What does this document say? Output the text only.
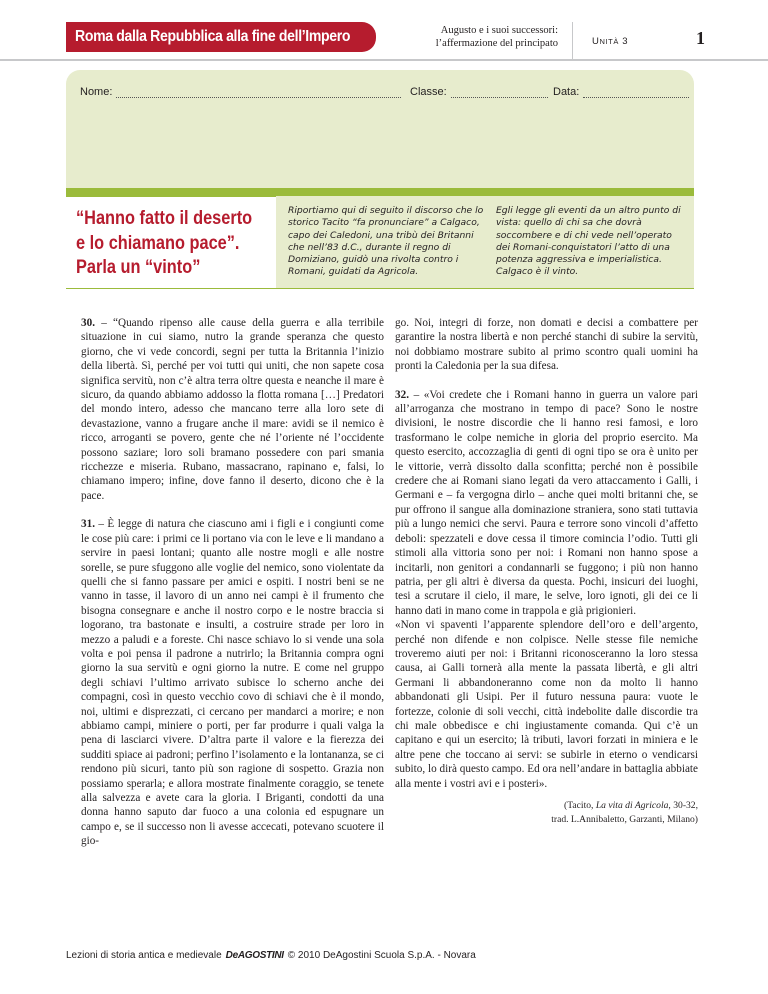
Roma dalla Repubblica alla fine dell’Impero	Augusto e i suoi successori:
l’affermazione del principato	UNITÀ 3	1
Nome:	Classe:	Data:
“Hanno fatto il deserto
e lo chiamano pace”.
Parla un “vinto”
Riportiamo qui di seguito il discorso che lo storico Tacito “fa pronunciare” a Calgaco, capo dei Caledoni, una tribù dei Britanni che nell’83 d.C., durante il regno di Domiziano, guidò una rivolta contro i Romani, guidati da Agricola.
Egli legge gli eventi da un altro punto di vista: quello di chi sa che dovrà soccombere e di chi vede nell’operato dei Romani-conquistatori l’atto di una potenza aggressiva e imperialistica. Calgaco è il vinto.

30. – “Quando ripenso alle cause della guerra e alla terribile situazione in cui siamo, nutro la grande speranza che questo giorno, che vi vede concordi, segni per tutta la Britannia l’inizio della libertà. Sì, perché per voi tutti qui uniti, che non sapete cosa significa servitù, non c’è altra terra oltre questa e neanche il mare è sicuro, da quando abbiamo addosso la flotta romana […] Predatori del mondo intero, adesso che mancano terre alla loro sete di devastazione, vanno a frugare anche il mare: avidi se il nemico è ricco, arroganti se povero, gente che né l’oriente né l’occidente possono saziare; loro soli bramano possedere con pari smania ricchezze e miseria. Rubano, massacrano, rapinano e, falsi, lo chiamano impero; infine, dove fanno il deserto, dicono che è la pace.

31. – È legge di natura che ciascuno ami i figli e i congiunti come le cose più care: i primi ce li portano via con le leve e li mandano a servire in paesi lontani; quanto alle nostre mogli e alle nostre sorelle, se pure sfuggono alle voglie del nemico, sono violentate da quelli che si fanno passare per amici e ospiti. I nostri beni se ne vanno in tasse, il lavoro di un anno nei campi è il frumento che bisogna consegnare e anche il nostro corpo e le nostre braccia si logorano, tra bastonate e insulti, a costruire strade per loro in mezzo a paludi e a foreste. Chi nasce schiavo lo si vende una sola volta e poi pensa il padrone a nutrirlo; la Britannia compra ogni giorno la sua servitù e ogni giorno la nutre. E come nel gruppo degli schiavi l’ultimo arrivato subisce lo scherno anche dei compagni, così in questo vecchio covo di schiavi che è il mondo, noi, ultimi e disprezzati, ci cercano per mandarci a morire; e non abbiamo campi, miniere o porti, per far produrre i quali valga la pena di lasciarci vivere. D’altra parte il valore e la fierezza dei sudditi spiace ai padroni; perfino l’isolamento e la lontananza, se ci rendono più sicuri, tanto più son ragione di sospetto. Grazia non possiamo sperarla; e allora mostrate finalmente coraggio, se tenete alla salvezza e avete cara la gloria. I Briganti, condotti da una donna hanno saputo dar fuoco a una colonia ed espugnare un campo e, se il successo non li avesse accecati, potevano scuotere il gio-

go. Noi, integri di forze, non domati e decisi a combattere per garantire la nostra libertà e non perché stanchi di subire la servitù, noi dobbiamo mostrare subito al primo scontro quali uomini ha pronti la Caledonia per la sua difesa.

32. – «Voi credete che i Romani hanno in guerra un valore pari all’arroganza che mostrano in tempo di pace? Sono le nostre divisioni, le nostre discordie che li hanno resi famosi, e loro trasformano le colpe nemiche in gloria del proprio esercito. Ma questo esercito, accozzaglia di genti di ogni tipo se ora è unito per le vittorie, verrà dissolto dalla sconfitta; perché non è possibile credere che ai Romani siano legati da vero attaccamento i Galli, i Germani e – fa vergogna dirlo – anche quei molti britanni che, se pur offrono il sangue alla dominazione straniera, sono stati tuttavia più a lungo nemici che servi. Paura e terrore sono vincoli d’affetto deboli: spezzateli e dove cessa il timore comincia l’odio. Tutti gli stimoli alla vittoria sono per noi: i Romani non hanno spose a incitarli, non genitori a condannarli se fuggono; i più non hanno patria, per gli altri è diversa da questa. Pochi, insicuri dei luoghi, tesi a scrutare il cielo, il mare, le selve, loro ignoti, gli dei ce li hanno dati in mano come in trappola e già prigionieri.

«Non vi spaventi l’apparente splendore dell’oro e dell’argento, perché non difende e non colpisce. Nelle stesse file nemiche troveremo aiuti per noi: i Britanni riconosceranno la loro stessa causa, ai Galli tornerà alla mente la passata libertà, e gli altri Germani li abbandoneranno come non da molto li hanno abbandonati gli Usipi. Per il futuro nessuna paura: vuote le fortezze, colonie di soli vecchi, città indebolite dalle discordie tra chi male obbedisce e chi ingiustamente comanda. Qui c’è un capitano e qui un esercito; là tributi, lavori forzati in miniera e le altre pene che toccano ai servi: se subirle in eterno o vendicarsi subito, lo dirà questo campo. Ed ora nell’andare in battaglia abbiate alla mente i vostri avi e i posteri».

(Tacito, La vita di Agricola, 30-32,
trad. L.Annibaletto, Garzanti, Milano)
Lezioni di storia antica e medievale DeAGOSTINI © 2010 DeAgostini Scuola S.p.A. - Novara
